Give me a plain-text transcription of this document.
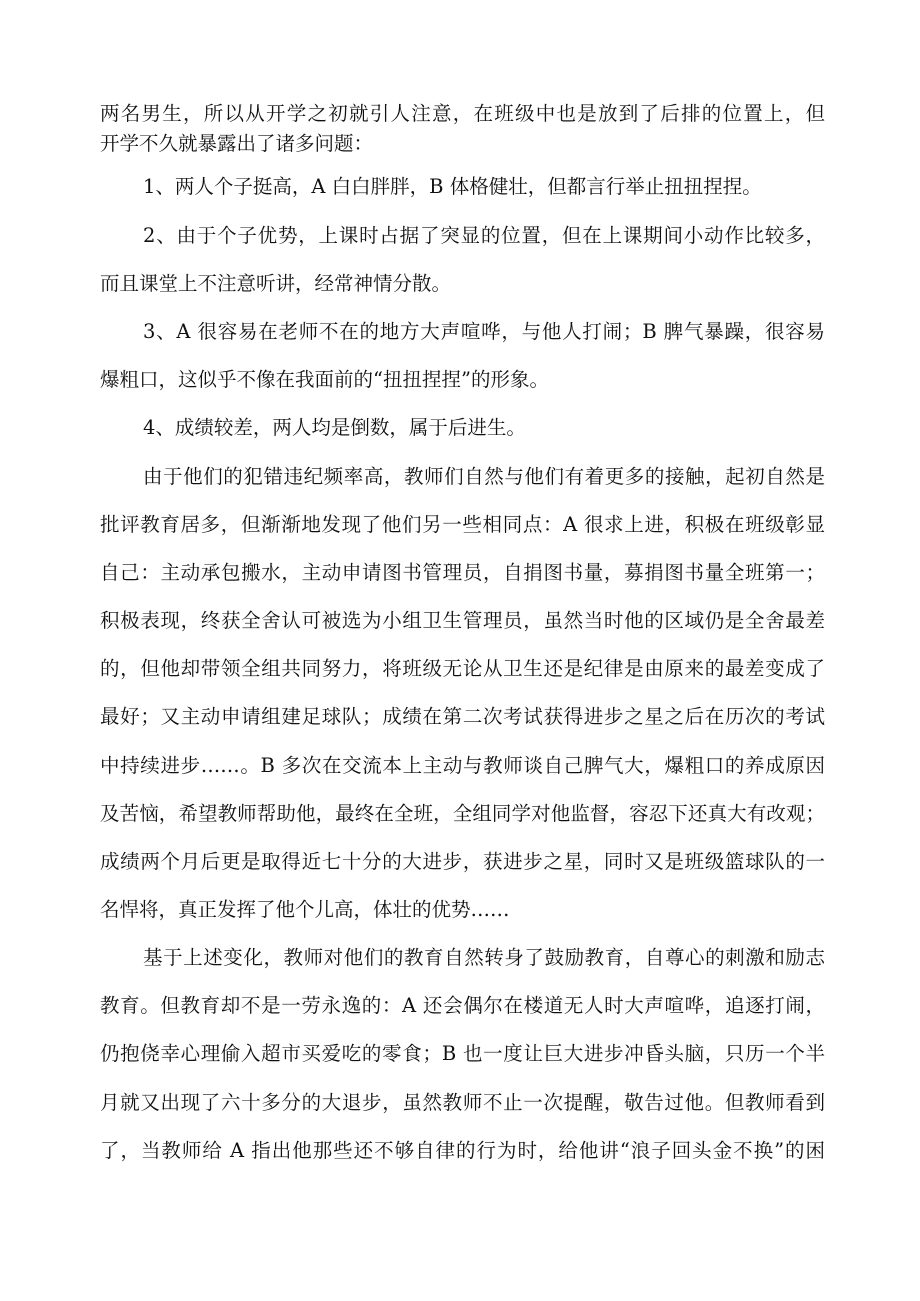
两名男生，所以从开学之初就引人注意，在班级中也是放到了后排的位置上，但
开学不久就暴露出了诸多问题：
1、两人个子挺高，A 白白胖胖，B 体格健壮，但都言行举止扭扭捏捏。
2、由于个子优势，上课时占据了突显的位置，但在上课期间小动作比较多，
而且课堂上不注意听讲，经常神情分散。
3、A 很容易在老师不在的地方大声喧哗，与他人打闹；B 脾气暴躁，很容易
爆粗口，这似乎不像在我面前的“扭扭捏捏”的形象。
4、成绩较差，两人均是倒数，属于后进生。
由于他们的犯错违纪频率高，教师们自然与他们有着更多的接触，起初自然是
批评教育居多，但渐渐地发现了他们另一些相同点：A 很求上进，积极在班级彰显
自己：主动承包搬水，主动申请图书管理员，自捐图书量，募捐图书量全班第一；
积极表现，终获全舍认可被选为小组卫生管理员，虽然当时他的区域仍是全舍最差
的，但他却带领全组共同努力，将班级无论从卫生还是纪律是由原来的最差变成了
最好；又主动申请组建足球队；成绩在第二次考试获得进步之星之后在历次的考试
中持续进步……。B 多次在交流本上主动与教师谈自己脾气大，爆粗口的养成原因
及苦恼，希望教师帮助他，最终在全班，全组同学对他监督，容忍下还真大有改观；
成绩两个月后更是取得近七十分的大进步，获进步之星，同时又是班级篮球队的一
名悍将，真正发挥了他个儿高，体壮的优势……
基于上述变化，教师对他们的教育自然转身了鼓励教育，自尊心的刺激和励志
教育。但教育却不是一劳永逸的：A 还会偶尔在楼道无人时大声喧哗，追逐打闹，
仍抱侥幸心理偷入超市买爱吃的零食；B 也一度让巨大进步冲昏头脑，只历一个半
月就又出现了六十多分的大退步，虽然教师不止一次提醒，敬告过他。但教师看到
了，当教师给 A 指出他那些还不够自律的行为时，给他讲“浪子回头金不换”的困
